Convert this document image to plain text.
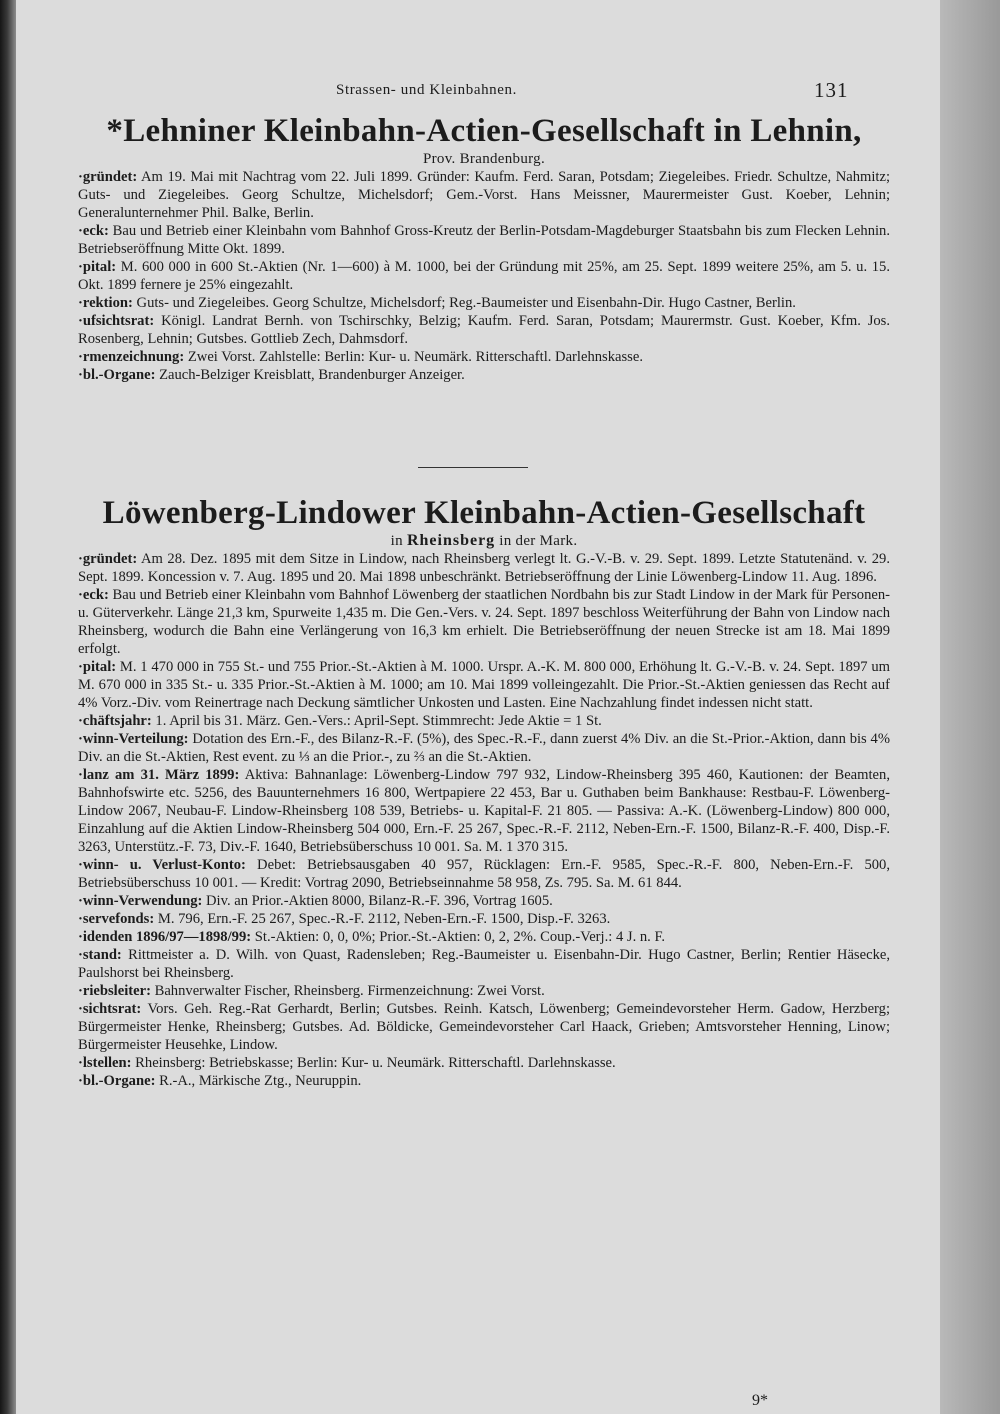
Strassen- und Kleinbahnen.	131
*Lehniner Kleinbahn-Actien-Gesellschaft in Lehnin,
Prov. Brandenburg.

·gründet: Am 19. Mai mit Nachtrag vom 22. Juli 1899. Gründer: Kaufm. Ferd. Saran, Potsdam; Ziegeleibes. Friedr. Schultze, Nahmitz; Guts- und Ziegeleibes. Georg Schultze, Michelsdorf; Gem.-Vorst. Hans Meissner, Maurermeister Gust. Koeber, Lehnin; Generalunternehmer Phil. Balke, Berlin.

·eck: Bau und Betrieb einer Kleinbahn vom Bahnhof Gross-Kreutz der Berlin-Potsdam-Magdeburger Staatsbahn bis zum Flecken Lehnin. Betriebseröffnung Mitte Okt. 1899.

·pital: M. 600 000 in 600 St.-Aktien (Nr. 1—600) à M. 1000, bei der Gründung mit 25%, am 25. Sept. 1899 weitere 25%, am 5. u. 15. Okt. 1899 fernere je 25% eingezahlt.

·rektion: Guts- und Ziegeleibes. Georg Schultze, Michelsdorf; Reg.-Baumeister und Eisenbahn-Dir. Hugo Castner, Berlin.

·ufsichtsrat: Königl. Landrat Bernh. von Tschirschky, Belzig; Kaufm. Ferd. Saran, Potsdam; Maurermstr. Gust. Koeber, Kfm. Jos. Rosenberg, Lehnin; Gutsbes. Gottlieb Zech, Dahmsdorf.

·rmenzeichnung: Zwei Vorst. Zahlstelle: Berlin: Kur- u. Neumärk. Ritterschaftl. Darlehnskasse.

·bl.-Organe: Zauch-Belziger Kreisblatt, Brandenburger Anzeiger.

Löwenberg-Lindower Kleinbahn-Actien-Gesellschaft
in Rheinsberg in der Mark.

·gründet: Am 28. Dez. 1895 mit dem Sitze in Lindow, nach Rheinsberg verlegt lt. G.-V.-B. v. 29. Sept. 1899. Letzte Statutenänd. v. 29. Sept. 1899. Koncession v. 7. Aug. 1895 und 20. Mai 1898 unbeschränkt. Betriebseröffnung der Linie Löwenberg-Lindow 11. Aug. 1896.

·eck: Bau und Betrieb einer Kleinbahn vom Bahnhof Löwenberg der staatlichen Nordbahn bis zur Stadt Lindow in der Mark für Personen- u. Güterverkehr. Länge 21,3 km, Spurweite 1,435 m. Die Gen.-Vers. v. 24. Sept. 1897 beschloss Weiterführung der Bahn von Lindow nach Rheinsberg, wodurch die Bahn eine Verlängerung von 16,3 km erhielt. Die Betriebseröffnung der neuen Strecke ist am 18. Mai 1899 erfolgt.

·pital: M. 1 470 000 in 755 St.- und 755 Prior.-St.-Aktien à M. 1000. Urspr. A.-K. M. 800 000, Erhöhung lt. G.-V.-B. v. 24. Sept. 1897 um M. 670 000 in 335 St.- u. 335 Prior.-St.-Aktien à M. 1000; am 10. Mai 1899 volleingezahlt. Die Prior.-St.-Aktien geniessen das Recht auf 4% Vorz.-Div. vom Reinertrage nach Deckung sämtlicher Unkosten und Lasten. Eine Nachzahlung findet indessen nicht statt.

·chäftsjahr: 1. April bis 31. März. Gen.-Vers.: April-Sept. Stimmrecht: Jede Aktie = 1 St.

·winn-Verteilung: Dotation des Ern.-F., des Bilanz-R.-F. (5%), des Spec.-R.-F., dann zuerst 4% Div. an die St.-Prior.-Aktion, dann bis 4% Div. an die St.-Aktien, Rest event. zu ⅓ an die Prior.-, zu ⅔ an die St.-Aktien.

·lanz am 31. März 1899: Aktiva: Bahnanlage: Löwenberg-Lindow 797 932, Lindow-Rheinsberg 395 460, Kautionen: der Beamten, Bahnhofswirte etc. 5256, des Bauunternehmers 16 800, Wertpapiere 22 453, Bar u. Guthaben beim Bankhause: Restbau-F. Löwenberg-Lindow 2067, Neubau-F. Lindow-Rheinsberg 108 539, Betriebs- u. Kapital-F. 21 805. — Passiva: A.-K. (Löwenberg-Lindow) 800 000, Einzahlung auf die Aktien Lindow-Rheinsberg 504 000, Ern.-F. 25 267, Spec.-R.-F. 2112, Neben-Ern.-F. 1500, Bilanz-R.-F. 400, Disp.-F. 3263, Unterstütz.-F. 73, Div.-F. 1640, Betriebsüberschuss 10 001. Sa. M. 1 370 315.

·winn- u. Verlust-Konto: Debet: Betriebsausgaben 40 957, Rücklagen: Ern.-F. 9585, Spec.-R.-F. 800, Neben-Ern.-F. 500, Betriebsüberschuss 10 001. — Kredit: Vortrag 2090, Betriebseinnahme 58 958, Zs. 795. Sa. M. 61 844.

·winn-Verwendung: Div. an Prior.-Aktien 8000, Bilanz-R.-F. 396, Vortrag 1605.

·servefonds: M. 796, Ern.-F. 25 267, Spec.-R.-F. 2112, Neben-Ern.-F. 1500, Disp.-F. 3263.

·idenden 1896/97—1898/99: St.-Aktien: 0, 0, 0%; Prior.-St.-Aktien: 0, 2, 2%. Coup.-Verj.: 4 J. n. F.

·stand: Rittmeister a. D. Wilh. von Quast, Radensleben; Reg.-Baumeister u. Eisenbahn-Dir. Hugo Castner, Berlin; Rentier Häsecke, Paulshorst bei Rheinsberg.

·riebsleiter: Bahnverwalter Fischer, Rheinsberg. Firmenzeichnung: Zwei Vorst.

·sichtsrat: Vors. Geh. Reg.-Rat Gerhardt, Berlin; Gutsbes. Reinh. Katsch, Löwenberg; Gemeindevorsteher Herm. Gadow, Herzberg; Bürgermeister Henke, Rheinsberg; Gutsbes. Ad. Böldicke, Gemeindevorsteher Carl Haack, Grieben; Amtsvorsteher Henning, Linow; Bürgermeister Heusehke, Lindow.

·lstellen: Rheinsberg: Betriebskasse; Berlin: Kur- u. Neumärk. Ritterschaftl. Darlehnskasse.

·bl.-Organe: R.-A., Märkische Ztg., Neuruppin.

9*
